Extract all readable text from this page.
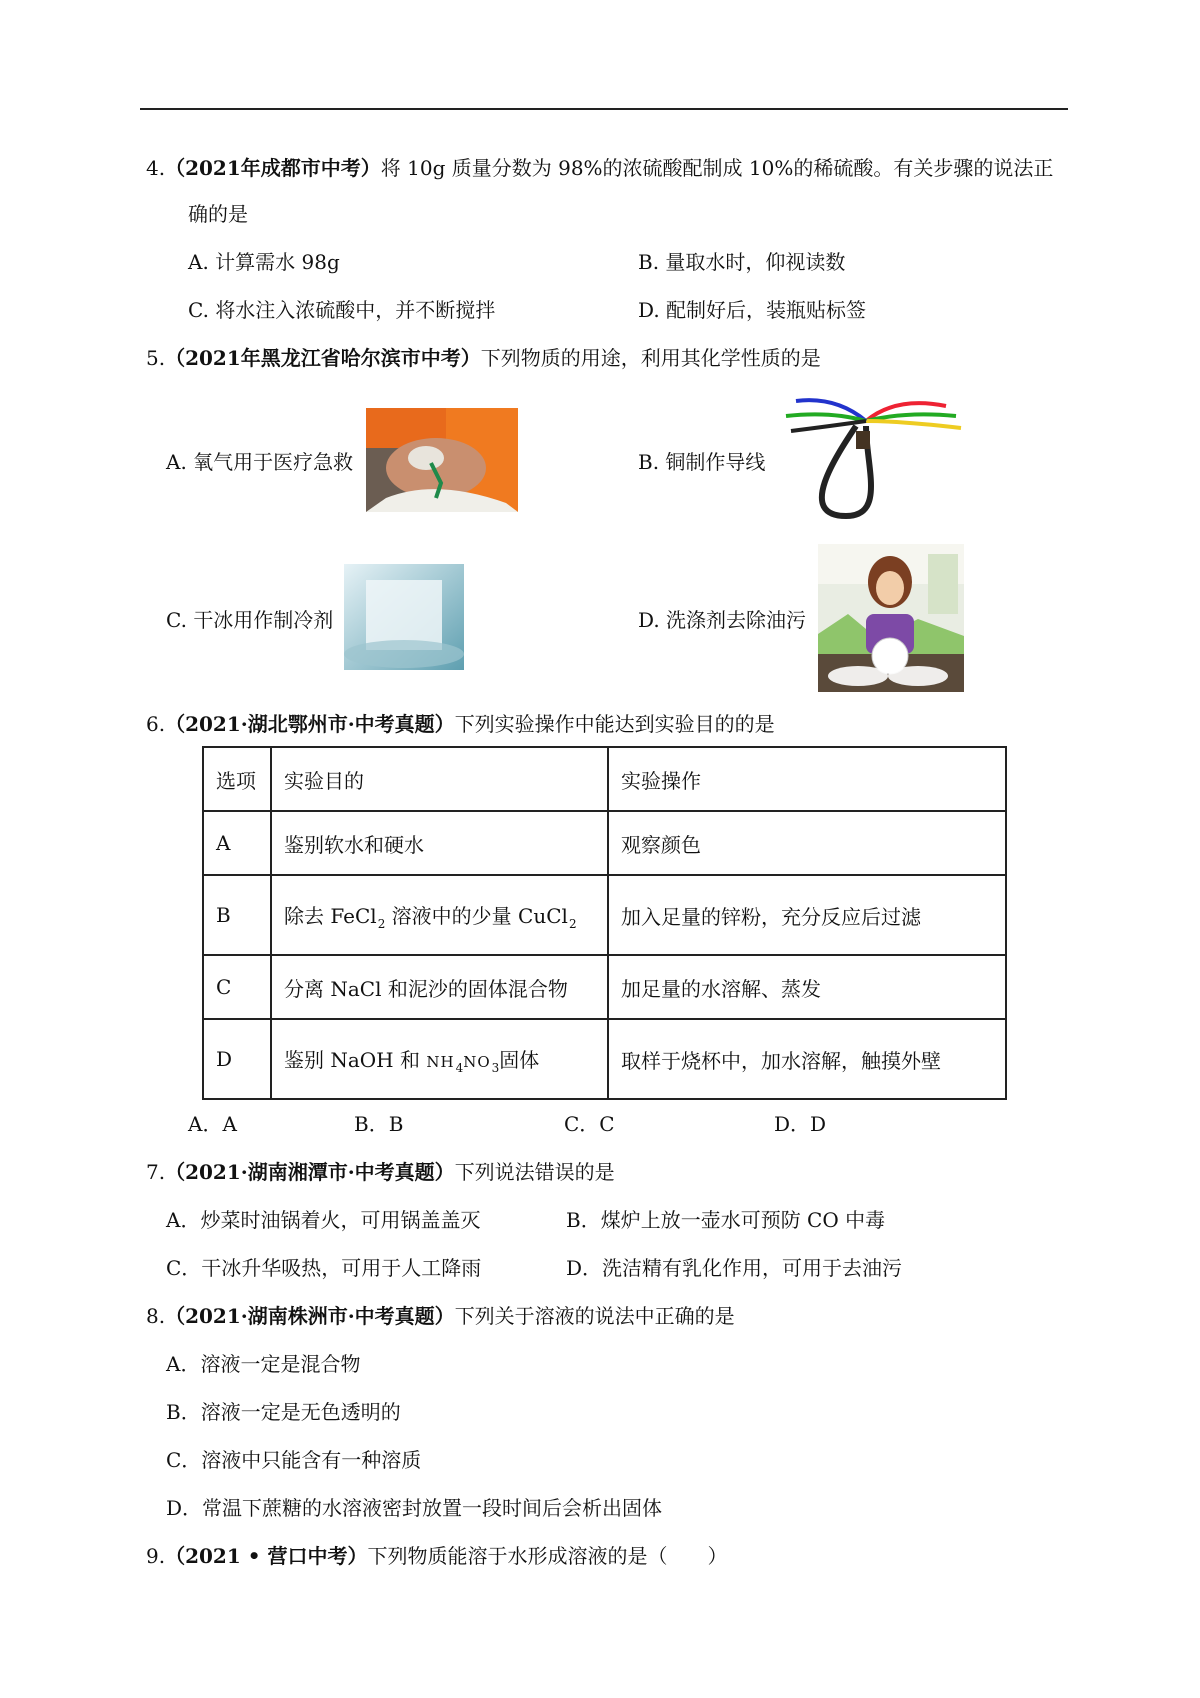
4.（2021年成都市中考）将 10g 质量分数为 98%的浓硫酸配制成 10%的稀硫酸。有关步骤的说法正
确的是
A. 计算需水 98g	B. 量取水时，仰视读数
C. 将水注入浓硫酸中，并不断搅拌	D. 配制好后，装瓶贴标签
5.（2021年黑龙江省哈尔滨市中考）下列物质的用途，利用其化学性质的是
A. 氧气用于医疗急救	B. 铜制作导线
C. 干冰用作制冷剂	D. 洗涤剂去除油污
6.（2021·湖北鄂州市·中考真题）下列实验操作中能达到实验目的的是
选项	实验目的	实验操作
A	鉴别软水和硬水	观察颜色
B	除去 FeCl$_2$ 溶液中的少量 CuCl$_2$	加入足量的锌粉，充分反应后过滤
C	分离 NaCl 和泥沙的固体混合物	加足量的水溶解、蒸发
D	鉴别 NaOH 和 $NH_4NO_3$固体	取样于烧杯中，加水溶解，触摸外壁
A．A	B．B	C．C	D．D
7.（2021·湖南湘潭市·中考真题）下列说法错误的是
A．炒菜时油锅着火，可用锅盖盖灭	B．煤炉上放一壶水可预防 CO 中毒
C．干冰升华吸热，可用于人工降雨	D．洗洁精有乳化作用，可用于去油污
8.（2021·湖南株洲市·中考真题）下列关于溶液的说法中正确的是
A．溶液一定是混合物
B．溶液一定是无色透明的
C．溶液中只能含有一种溶质
D．常温下蔗糖的水溶液密封放置一段时间后会析出固体
9.（2021 • 营口中考）下列物质能溶于水形成溶液的是（　　）
